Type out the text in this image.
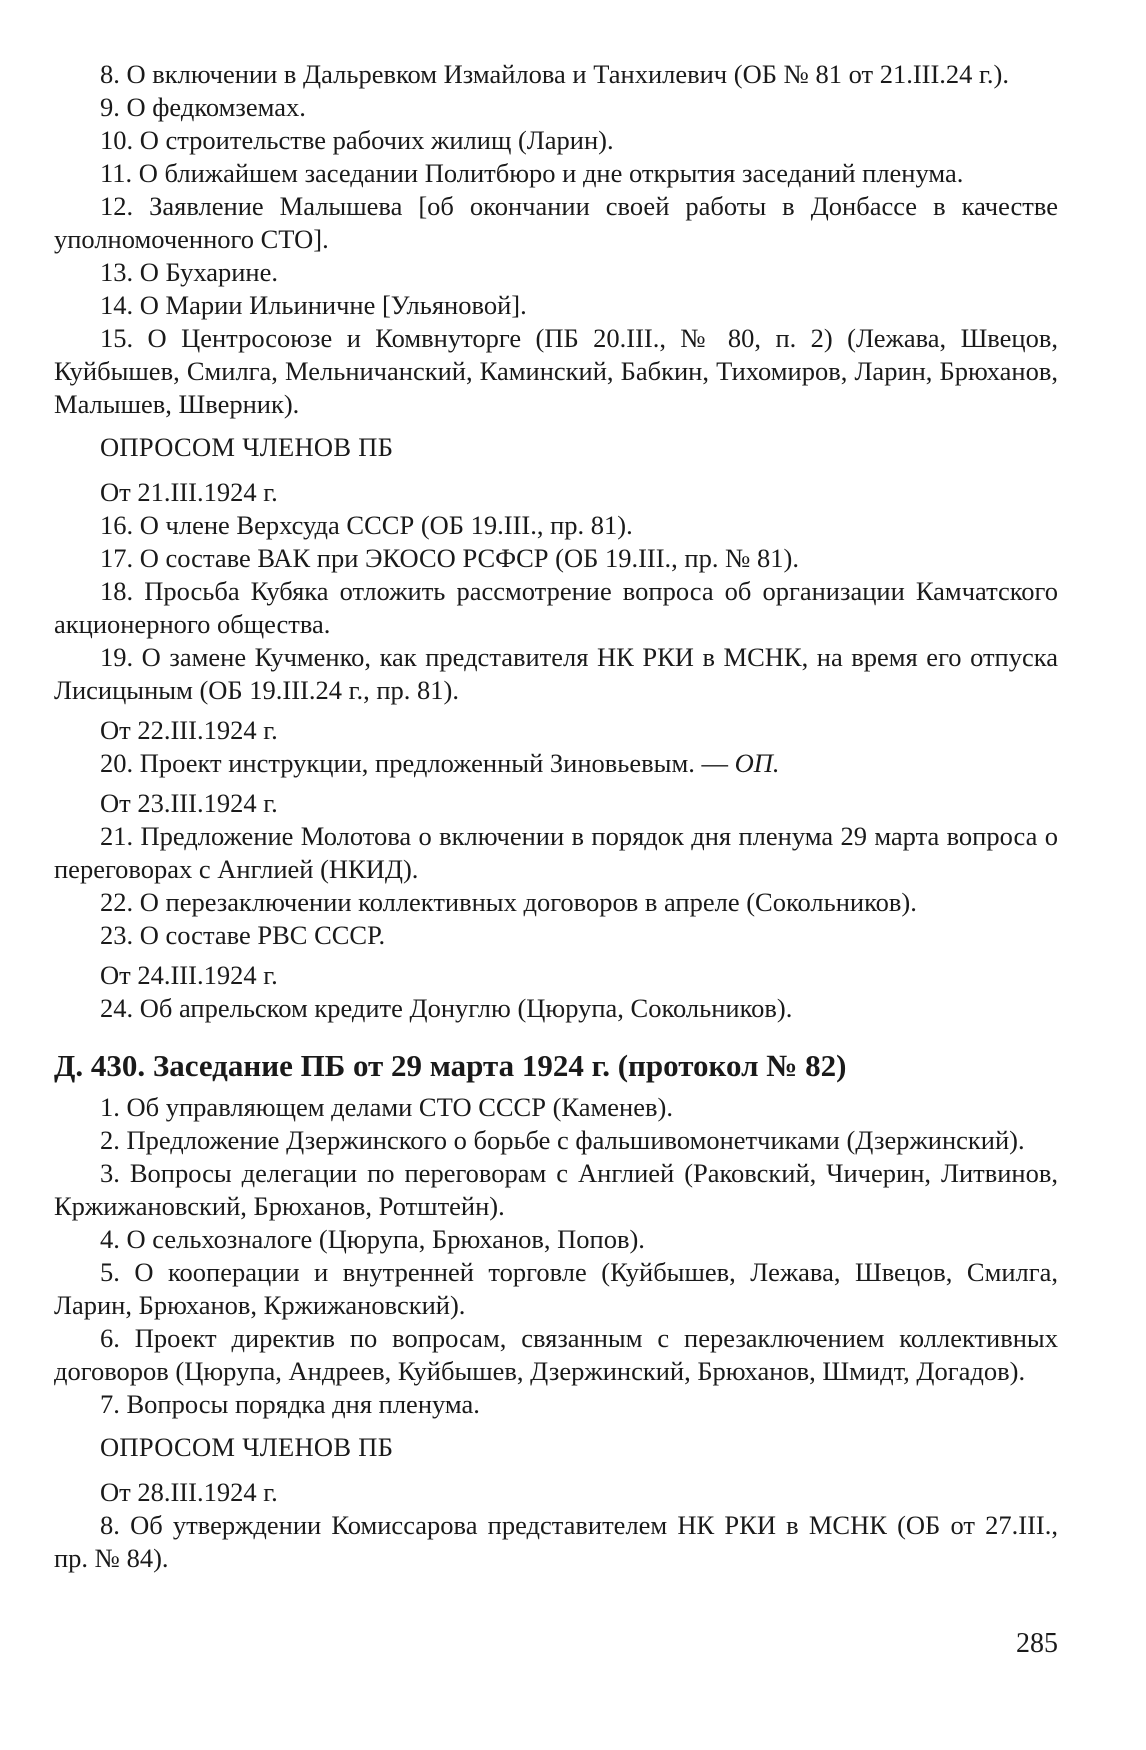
8. О включении в Дальревком Измайлова и Танхилевич (ОБ № 81 от 21.III.24 г.).

9. О федкомземах.

10. О строительстве рабочих жилищ (Ларин).

11. О ближайшем заседании Политбюро и дне открытия заседаний пленума.

12. Заявление Малышева [об окончании своей работы в Донбассе в качестве уполномоченного СТО].

13. О Бухарине.

14. О Марии Ильиничне [Ульяновой].

15. О Центросоюзе и Комвнуторге (ПБ 20.III., № 80, п. 2) (Лежава, Швецов, Куйбышев, Смилга, Мельничанский, Каминский, Бабкин, Тихомиров, Ларин, Брюханов, Малышев, Шверник).

ОПРОСОМ ЧЛЕНОВ ПБ

От 21.III.1924 г.

16. О члене Верхсуда СССР (ОБ 19.III., пр. 81).

17. О составе ВАК при ЭКОСО РСФСР (ОБ 19.III., пр. № 81).

18. Просьба Кубяка отложить рассмотрение вопроса об организации Камчатского акционерного общества.

19. О замене Кучменко, как представителя НК РКИ в МСНК, на время его отпуска Лисицыным (ОБ 19.III.24 г., пр. 81).

От 22.III.1924 г.

20. Проект инструкции, предложенный Зиновьевым. — ОП.

От 23.III.1924 г.

21. Предложение Молотова о включении в порядок дня пленума 29 марта вопроса о переговорах с Англией (НКИД).

22. О перезаключении коллективных договоров в апреле (Сокольников).

23. О составе РВС СССР.

От 24.III.1924 г.

24. Об апрельском кредите Донуглю (Цюрупа, Сокольников).

Д. 430. Заседание ПБ от 29 марта 1924 г. (протокол № 82)

1. Об управляющем делами СТО СССР (Каменев).

2. Предложение Дзержинского о борьбе с фальшивомонетчиками (Дзержинский).

3. Вопросы делегации по переговорам с Англией (Раковский, Чичерин, Литвинов, Кржижановский, Брюханов, Ротштейн).

4. О сельхозналоге (Цюрупа, Брюханов, Попов).

5. О кооперации и внутренней торговле (Куйбышев, Лежава, Швецов, Смилга, Ларин, Брюханов, Кржижановский).

6. Проект директив по вопросам, связанным с перезаключением коллективных договоров (Цюрупа, Андреев, Куйбышев, Дзержинский, Брюханов, Шмидт, Догадов).

7. Вопросы порядка дня пленума.

ОПРОСОМ ЧЛЕНОВ ПБ

От 28.III.1924 г.

8. Об утверждении Комиссарова представителем НК РКИ в МСНК (ОБ от 27.III., пр. № 84).

285
